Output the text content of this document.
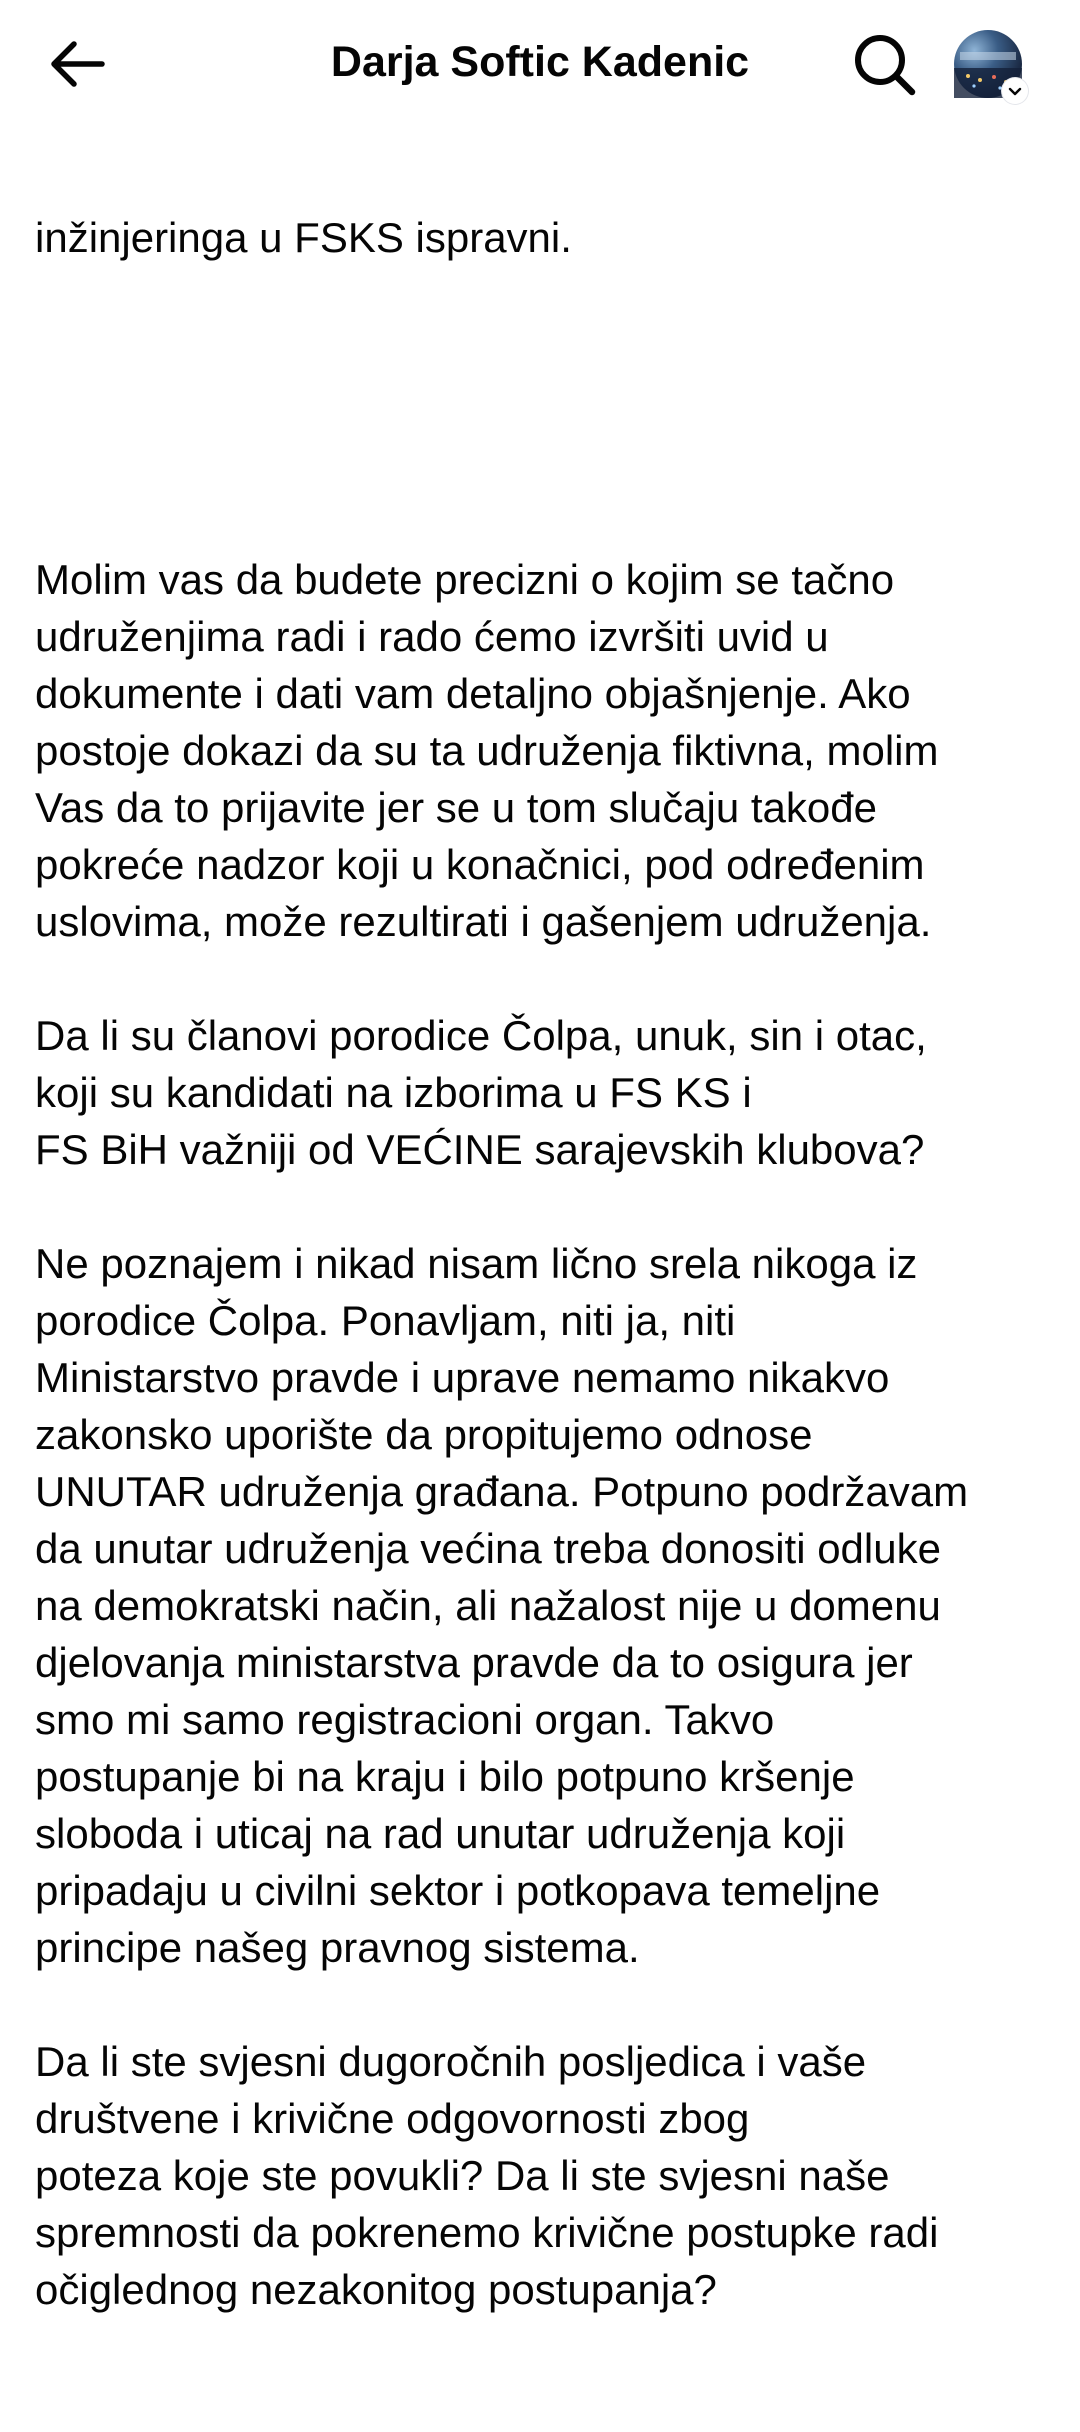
inžinjeringa u FSKS ispravni.

Molim vas da budete precizni o kojim se tačno
udruženjima radi i rado ćemo izvršiti uvid u
dokumente i dati vam detaljno objašnjenje. Ako
postoje dokazi da su ta udruženja fiktivna, molim
Vas da to prijavite jer se u tom slučaju takođe
pokreće nadzor koji u konačnici, pod određenim
uslovima, može rezultirati i gašenjem udruženja.
Da li su članovi porodice Čolpa, unuk, sin i otac,
koji su kandidati na izborima u FS KS i
FS BiH važniji od VEĆINE sarajevskih klubova?
Ne poznajem i nikad nisam lično srela nikoga iz
porodice Čolpa. Ponavljam, niti ja, niti
Ministarstvo pravde i uprave nemamo nikakvo
zakonsko uporište da propitujemo odnose
UNUTAR udruženja građana. Potpuno podržavam
da unutar udruženja većina treba donositi odluke
na demokratski način, ali nažalost nije u domenu
djelovanja ministarstva pravde da to osigura jer
smo mi samo registracioni organ. Takvo
postupanje bi na kraju i bilo potpuno kršenje
sloboda i uticaj na rad unutar udruženja koji
pripadaju u civilni sektor i potkopava temeljne
principe našeg pravnog sistema.
Da li ste svjesni dugoročnih posljedica i vaše
društvene i krivične odgovornosti zbog
poteza koje ste povukli? Da li ste svjesni naše
spremnosti da pokrenemo krivične postupke radi
očiglednog nezakonitog postupanja?

Darja Softic Kadenic
